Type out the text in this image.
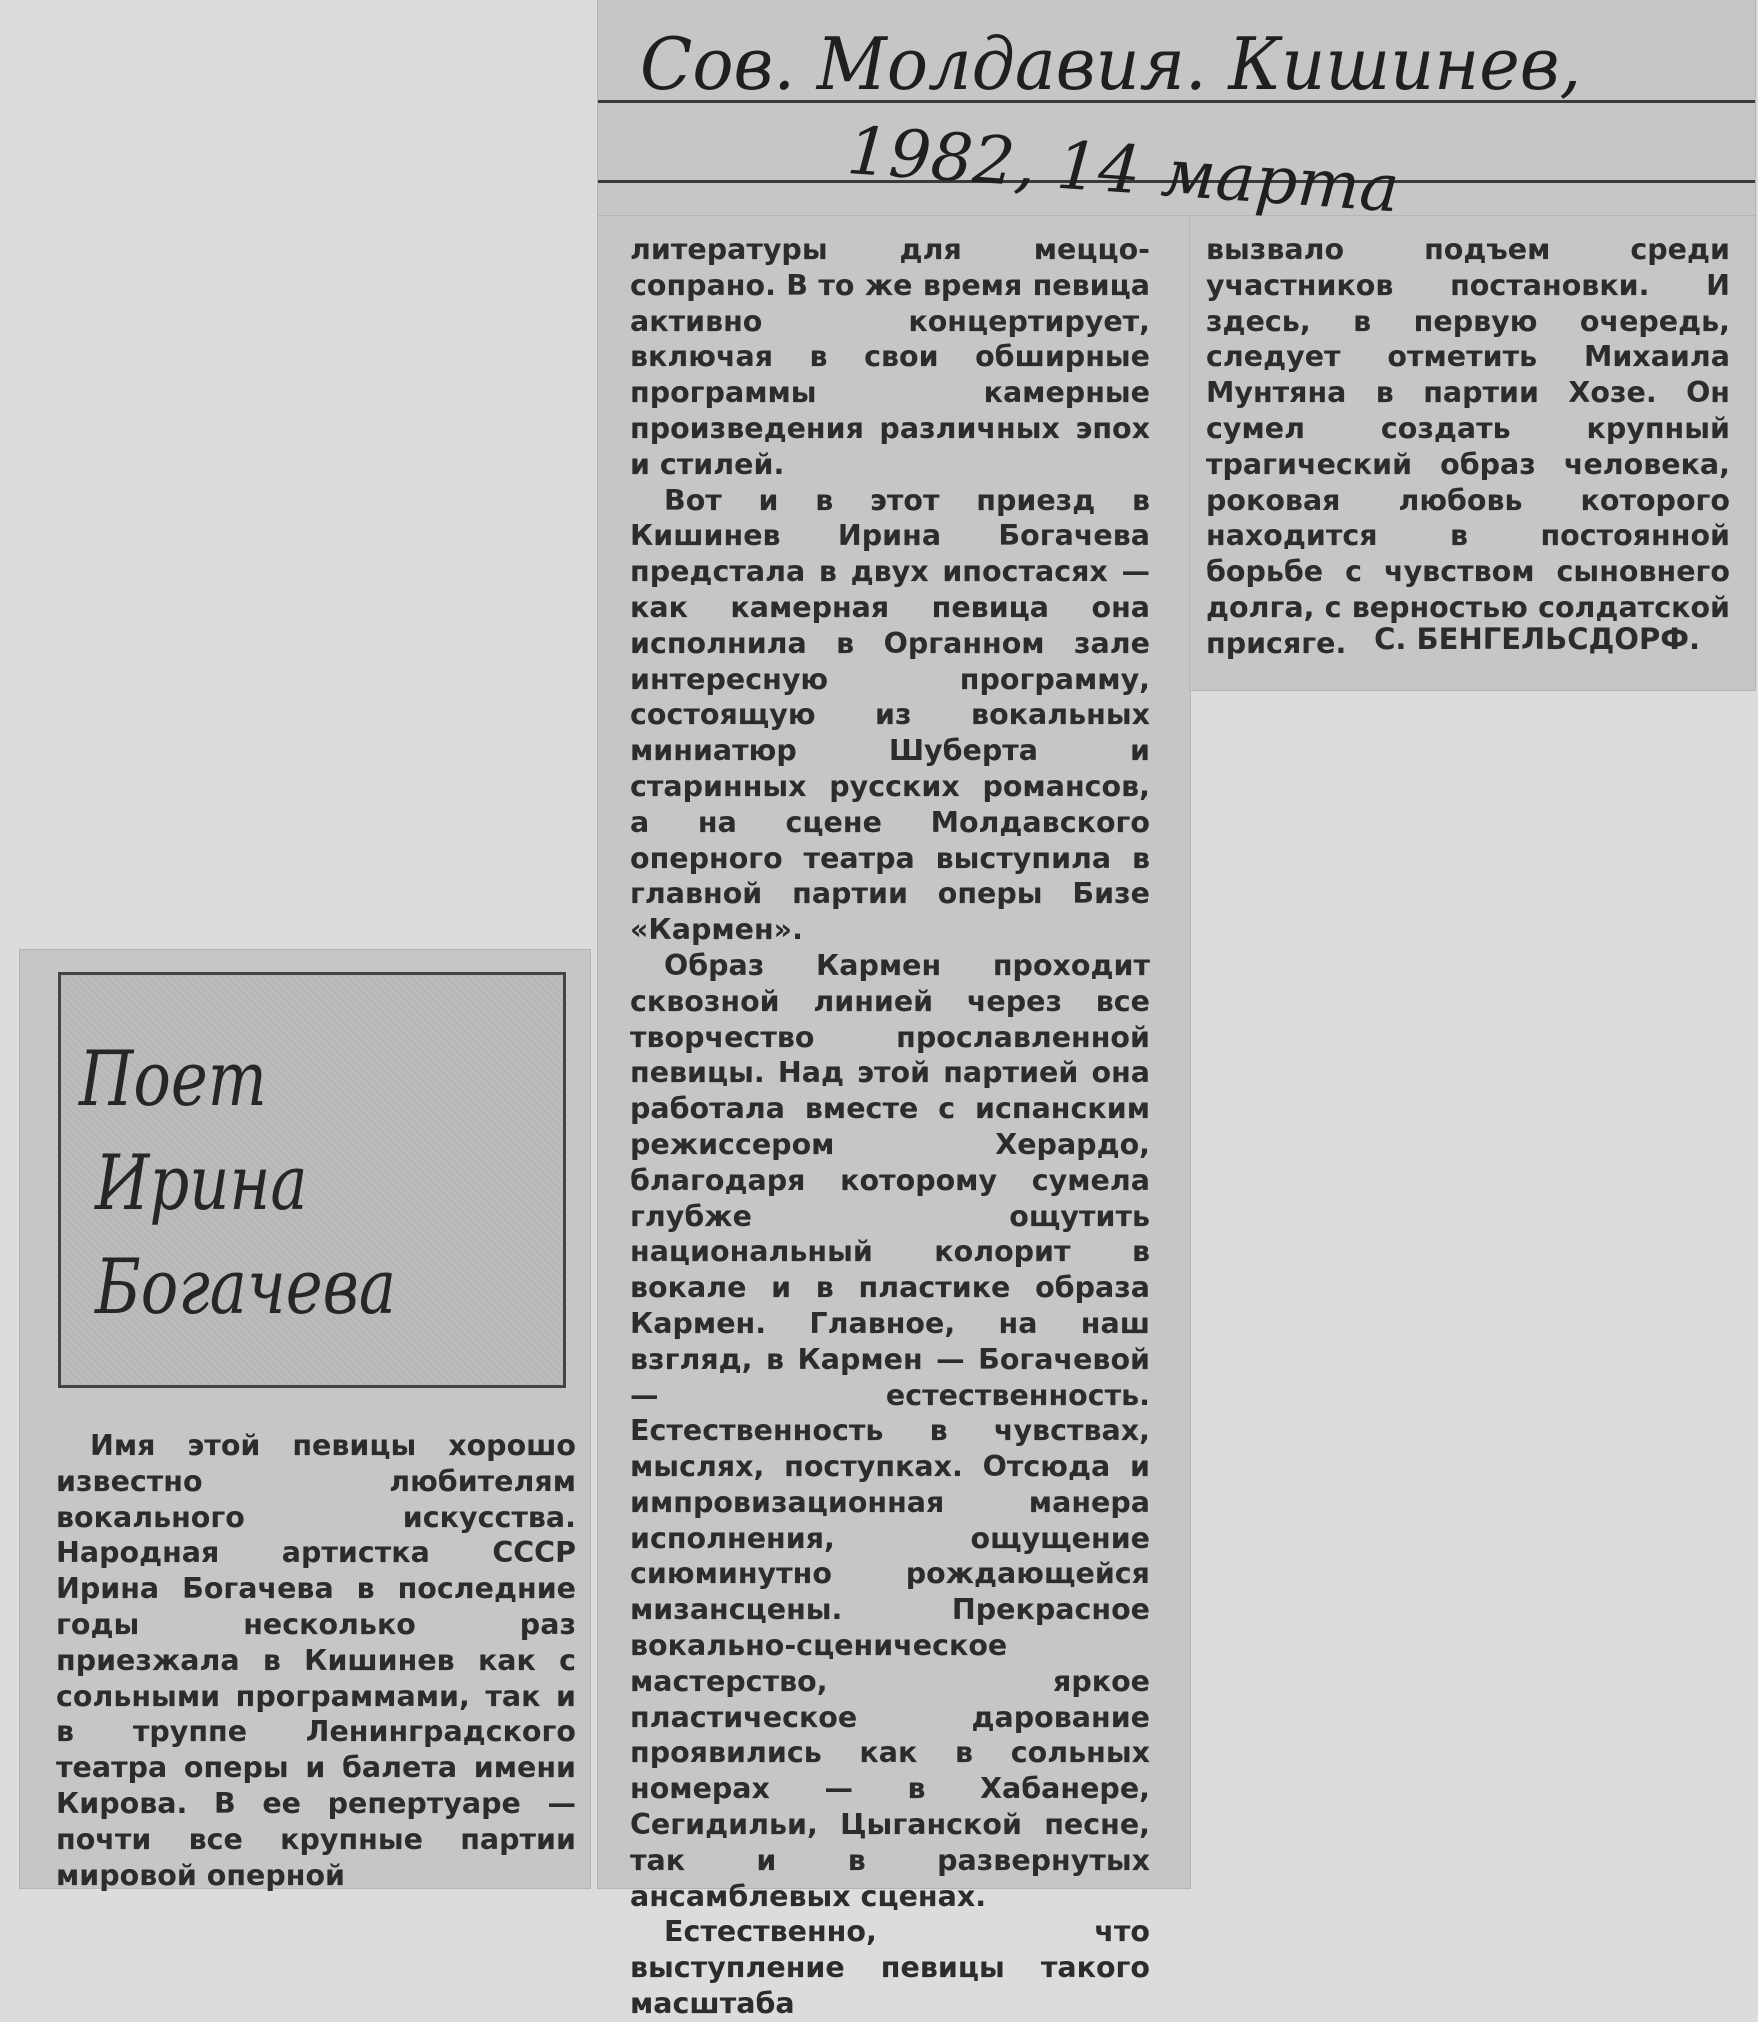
Сов. Молдавия. Кишинев,
1982, 14 марта
Поет
Ирина
Богачева

Имя этой певицы хорошо известно любителям вокального искусства. Народная артистка СССР Ирина Богачева в последние годы несколько раз приезжала в Кишинев как с сольными программами, так и в труппе Ленинградского театра оперы и балета имени Кирова. В ее репертуаре — почти все крупные партии мировой оперной

литературы для меццо-сопрано. В то же время певица активно концертирует, включая в свои обширные программы камерные произведения различных эпох и стилей.

Вот и в этот приезд в Кишинев Ирина Богачева предстала в двух ипостасях — как камерная певица она исполнила в Органном зале интересную программу, состоящую из вокальных миниатюр Шуберта и старинных русских романсов, а на сцене Молдавского оперного театра выступила в главной партии оперы Бизе «Кармен».

Образ Кармен проходит сквозной линией через все творчество прославленной певицы. Над этой партией она работала вместе с испанским режиссером Херардо, благодаря которому сумела глубже ощутить национальный колорит в вокале и в пластике образа Кармен. Главное, на наш взгляд, в Кармен — Богачевой — естественность. Естественность в чувствах, мыслях, поступках. Отсюда и импровизационная манера исполнения, ощущение сиюминутно рождающейся мизансцены. Прекрасное вокально-сценическое мастерство, яркое пластическое дарование проявились как в сольных номерах — в Хабанере, Сегидильи, Цыганской песне, так и в развернутых ансамблевых сценах.

Естественно, что выступление певицы такого масштаба

вызвало подъем среди участников постановки. И здесь, в первую очередь, следует отметить Михаила Мунтяна в партии Хозе. Он сумел создать крупный трагический образ человека, роковая любовь которого находится в постоянной борьбе с чувством сыновнего долга, с верностью солдатской присяге. С. БЕНГЕЛЬСДОРФ.
